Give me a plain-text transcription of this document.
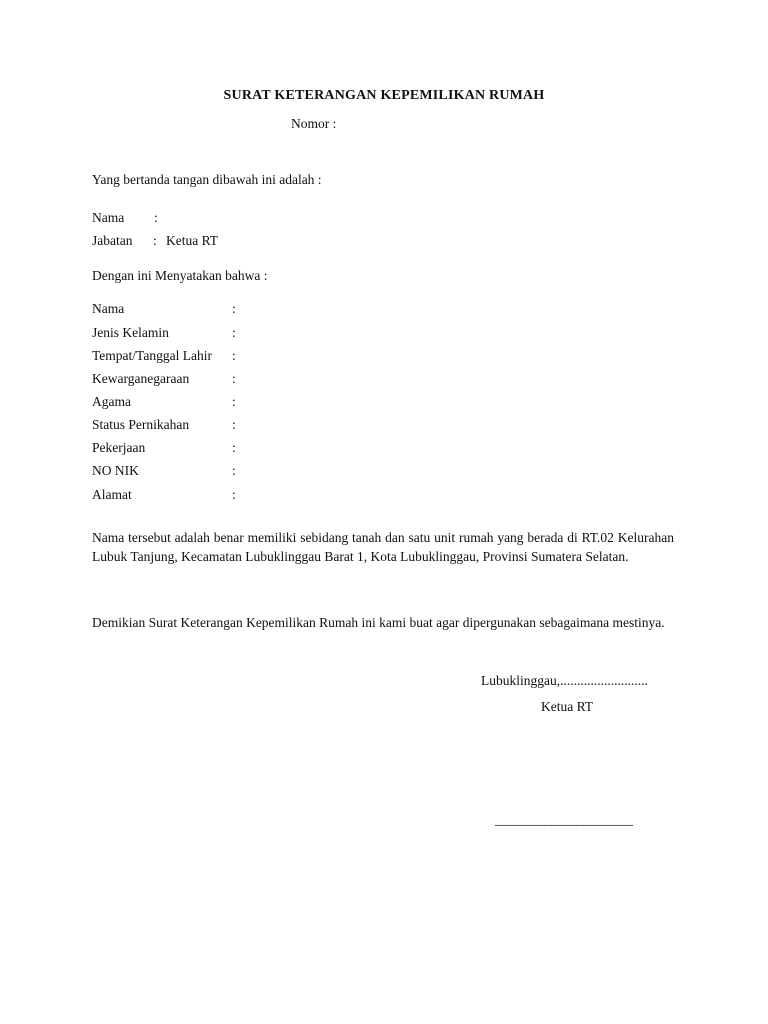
SURAT KETERANGAN KEPEMILIKAN RUMAH
Nomor :
Yang bertanda tangan dibawah ini adalah :
Nama :
Jabatan : Ketua RT
Dengan ini Menyatakan bahwa :
Nama	:
Jenis Kelamin	:
Tempat/Tanggal Lahir :
Kewarganegaraan	:
Agama	:
Status Pernikahan	:
Pekerjaan	:
NO NIK	:
Alamat	:
Nama tersebut adalah benar memiliki sebidang tanah dan satu unit rumah yang berada di RT.02 Kelurahan Lubuk Tanjung, Kecamatan Lubuklinggau Barat 1, Kota Lubuklinggau, Provinsi Sumatera Selatan.
Demikian Surat Keterangan Kepemilikan Rumah ini kami buat agar dipergunakan sebagaimana mestinya.
Lubuklinggau,..........................
Ketua RT
______________________
